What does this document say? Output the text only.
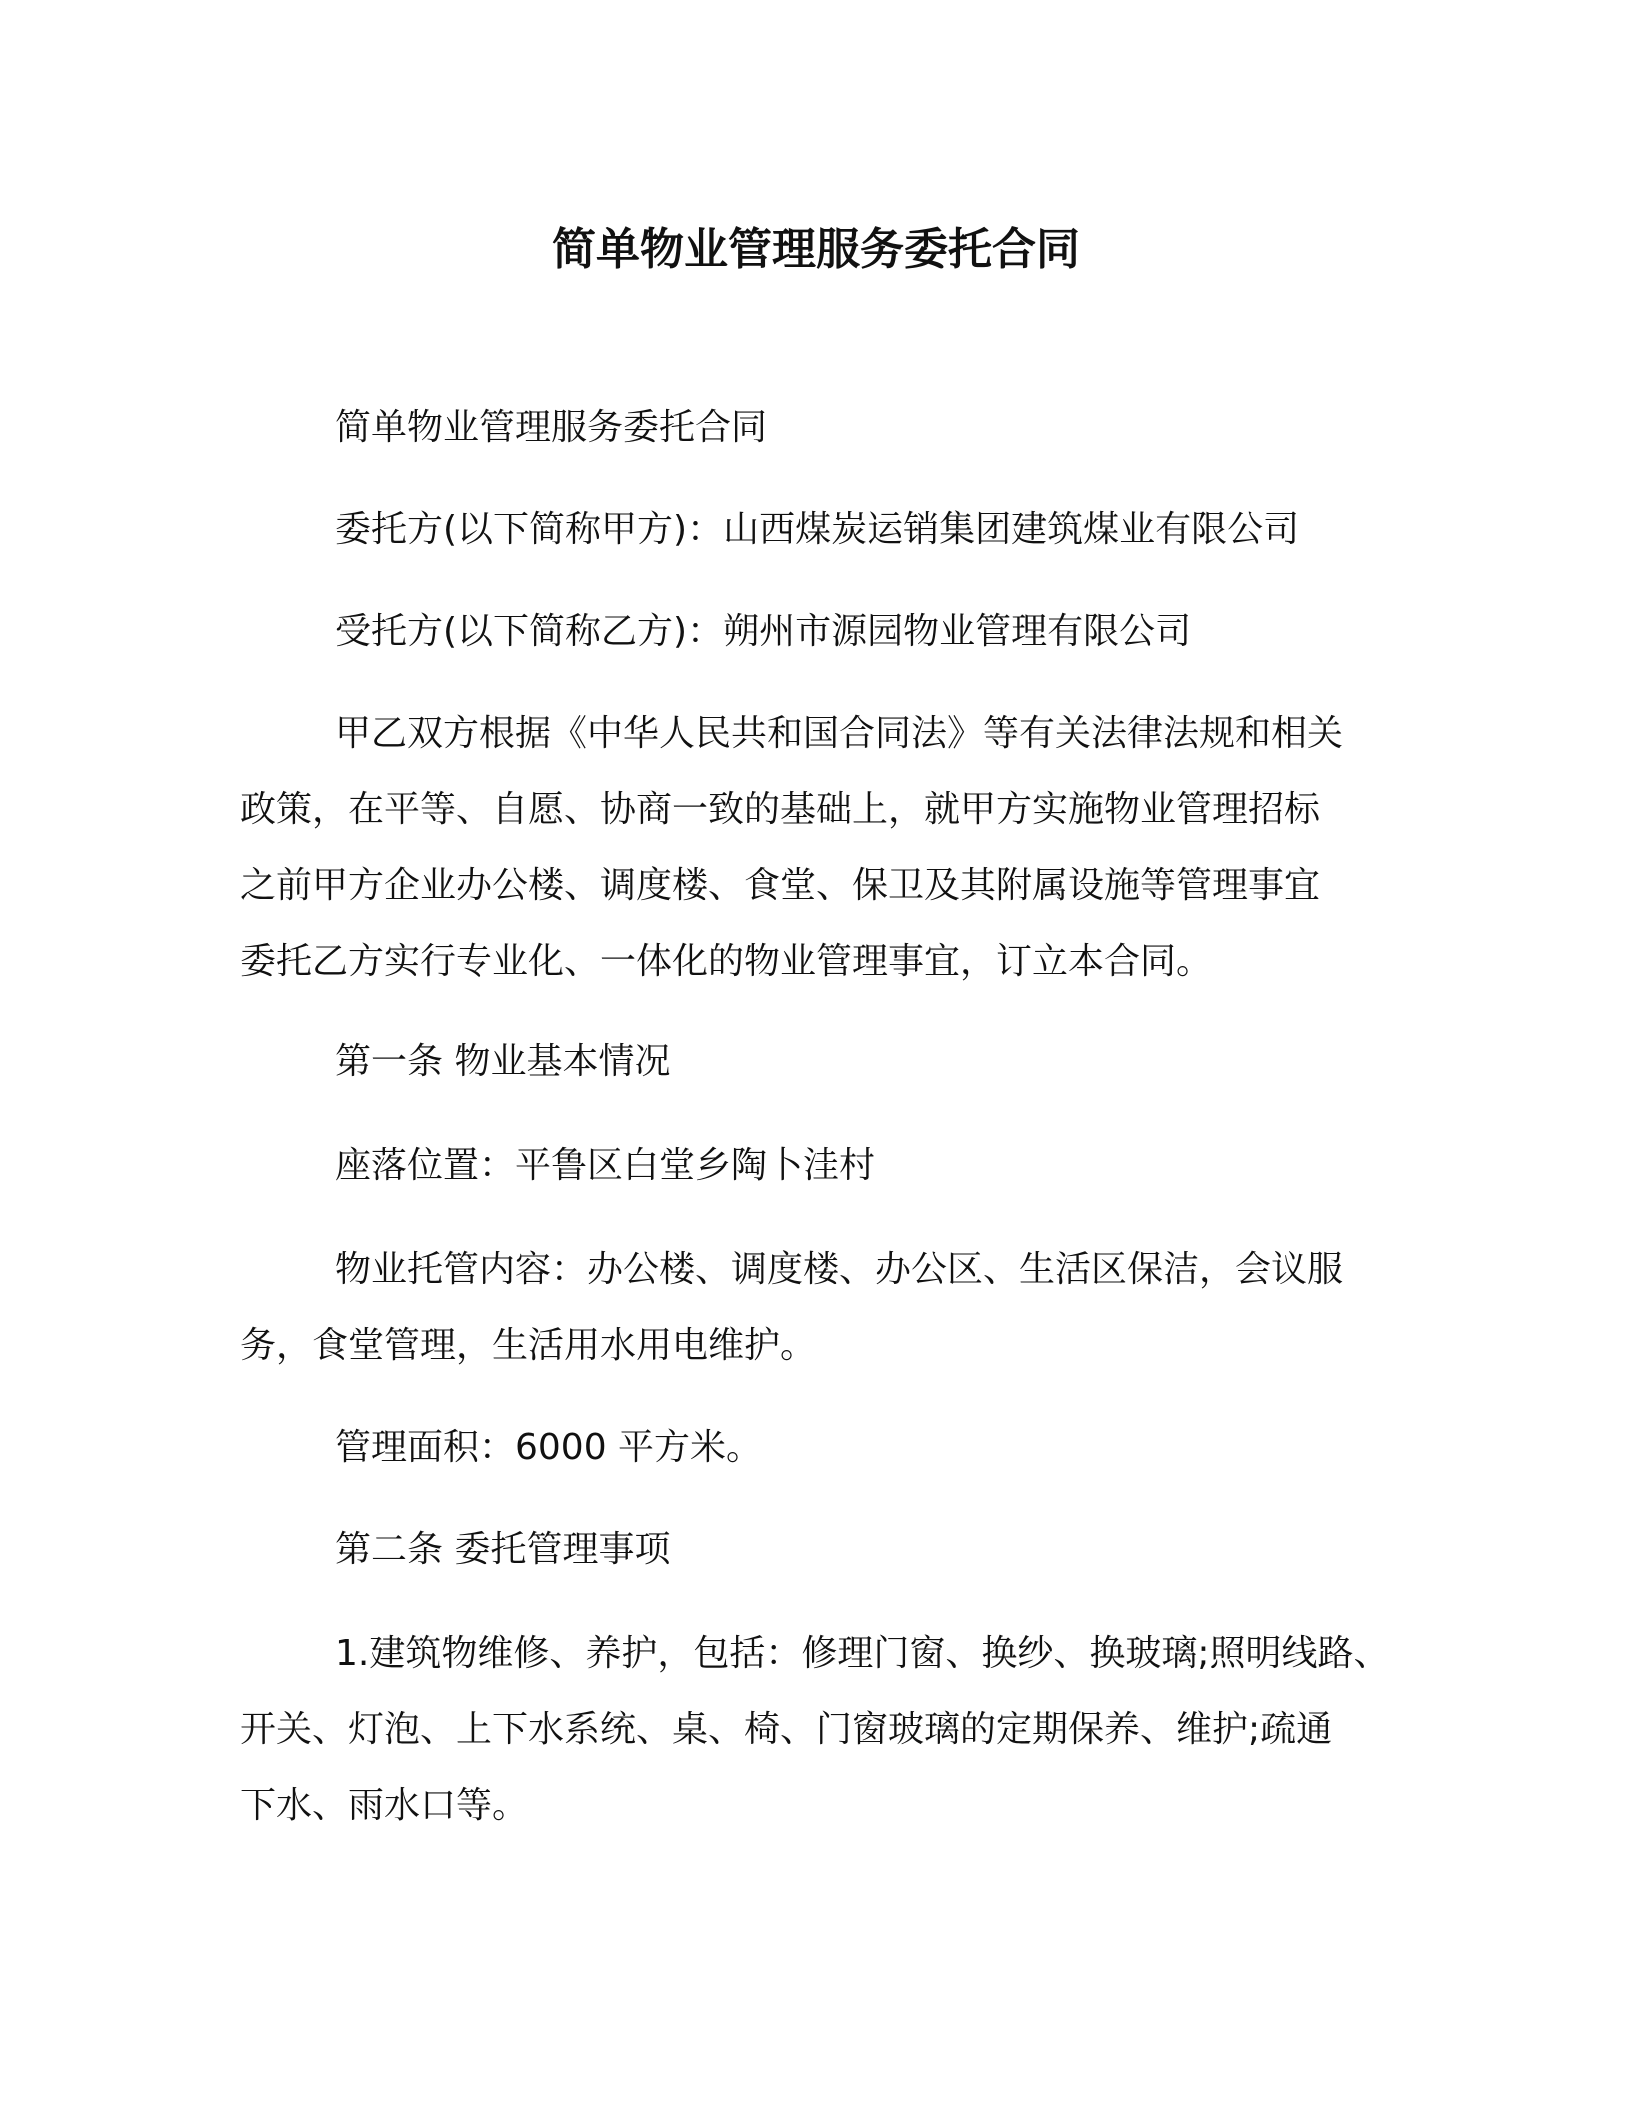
简单物业管理服务委托合同

简单物业管理服务委托合同

委托方(以下简称甲方)：山西煤炭运销集团建筑煤业有限公司

受托方(以下简称乙方)：朔州市源园物业管理有限公司

甲乙双方根据《中华人民共和国合同法》等有关法律法规和相关
政策，在平等、自愿、协商一致的基础上，就甲方实施物业管理招标
之前甲方企业办公楼、调度楼、食堂、保卫及其附属设施等管理事宜
委托乙方实行专业化、一体化的物业管理事宜，订立本合同。

第一条 物业基本情况

座落位置：平鲁区白堂乡陶卜洼村

物业托管内容：办公楼、调度楼、办公区、生活区保洁，会议服
务，食堂管理，生活用水用电维护。

管理面积：6000 平方米。

第二条 委托管理事项

1.建筑物维修、养护，包括：修理门窗、换纱、换玻璃;照明线路、
开关、灯泡、上下水系统、桌、椅、门窗玻璃的定期保养、维护;疏通
下水、雨水口等。
